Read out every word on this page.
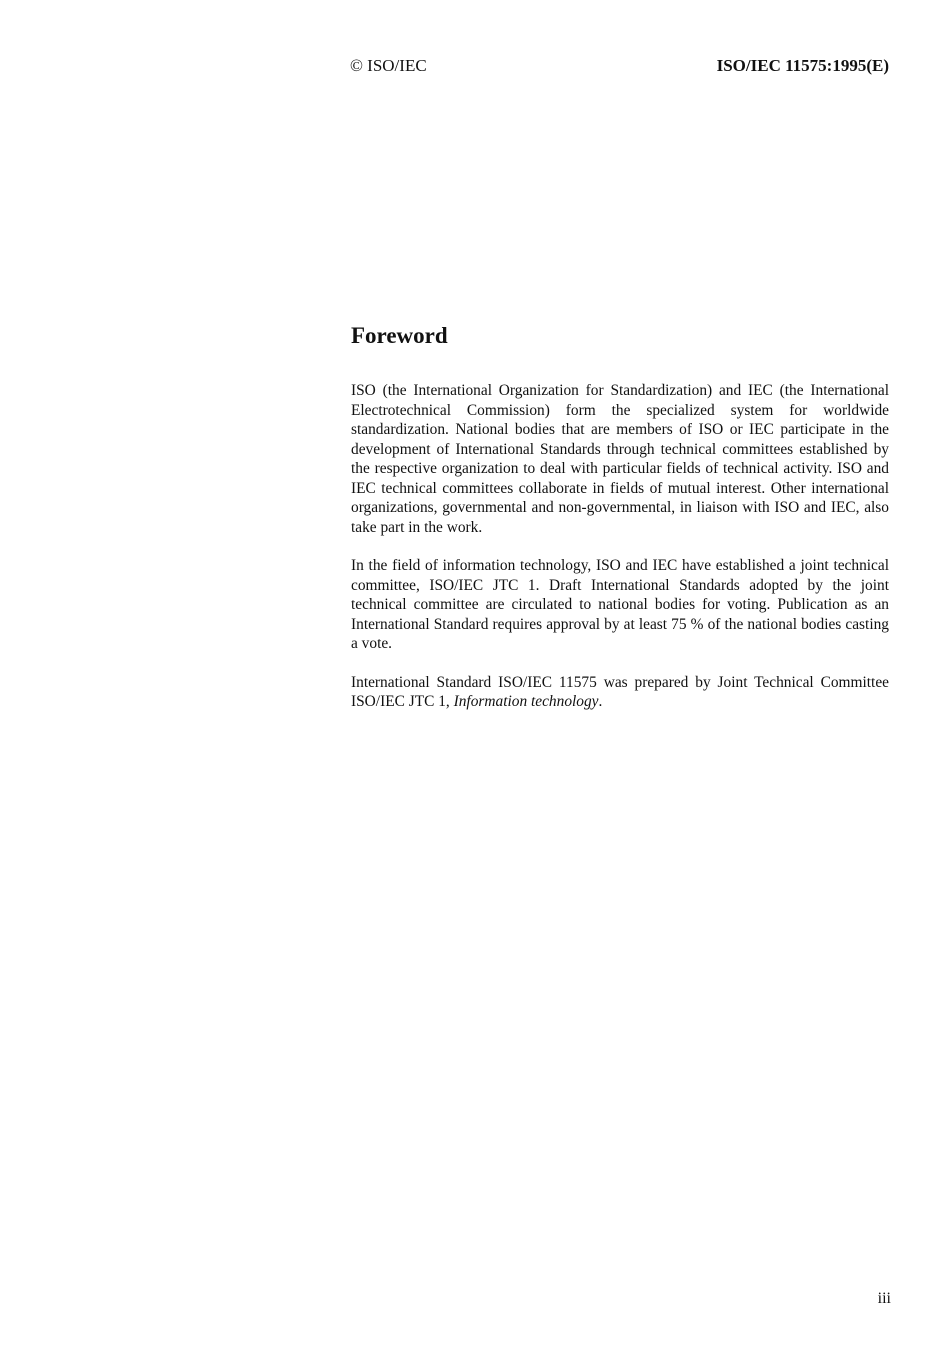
© ISO/IEC	ISO/IEC 11575:1995(E)
Foreword

ISO (the International Organization for Standardization) and IEC (the International Electrotechnical Commission) form the specialized system for worldwide standardization. National bodies that are members of ISO or IEC participate in the development of International Standards through technical committees established by the respective organization to deal with particular fields of technical activity. ISO and IEC technical committees collaborate in fields of mutual interest. Other international organizations, governmental and non-governmental, in liaison with ISO and IEC, also take part in the work.

In the field of information technology, ISO and IEC have established a joint technical committee, ISO/IEC JTC 1. Draft International Standards adopted by the joint technical committee are circulated to national bodies for voting. Publication as an International Standard requires approval by at least 75 % of the national bodies casting a vote.

International Standard ISO/IEC 11575 was prepared by Joint Technical Committee ISO/IEC JTC 1, Information technology.

iii
